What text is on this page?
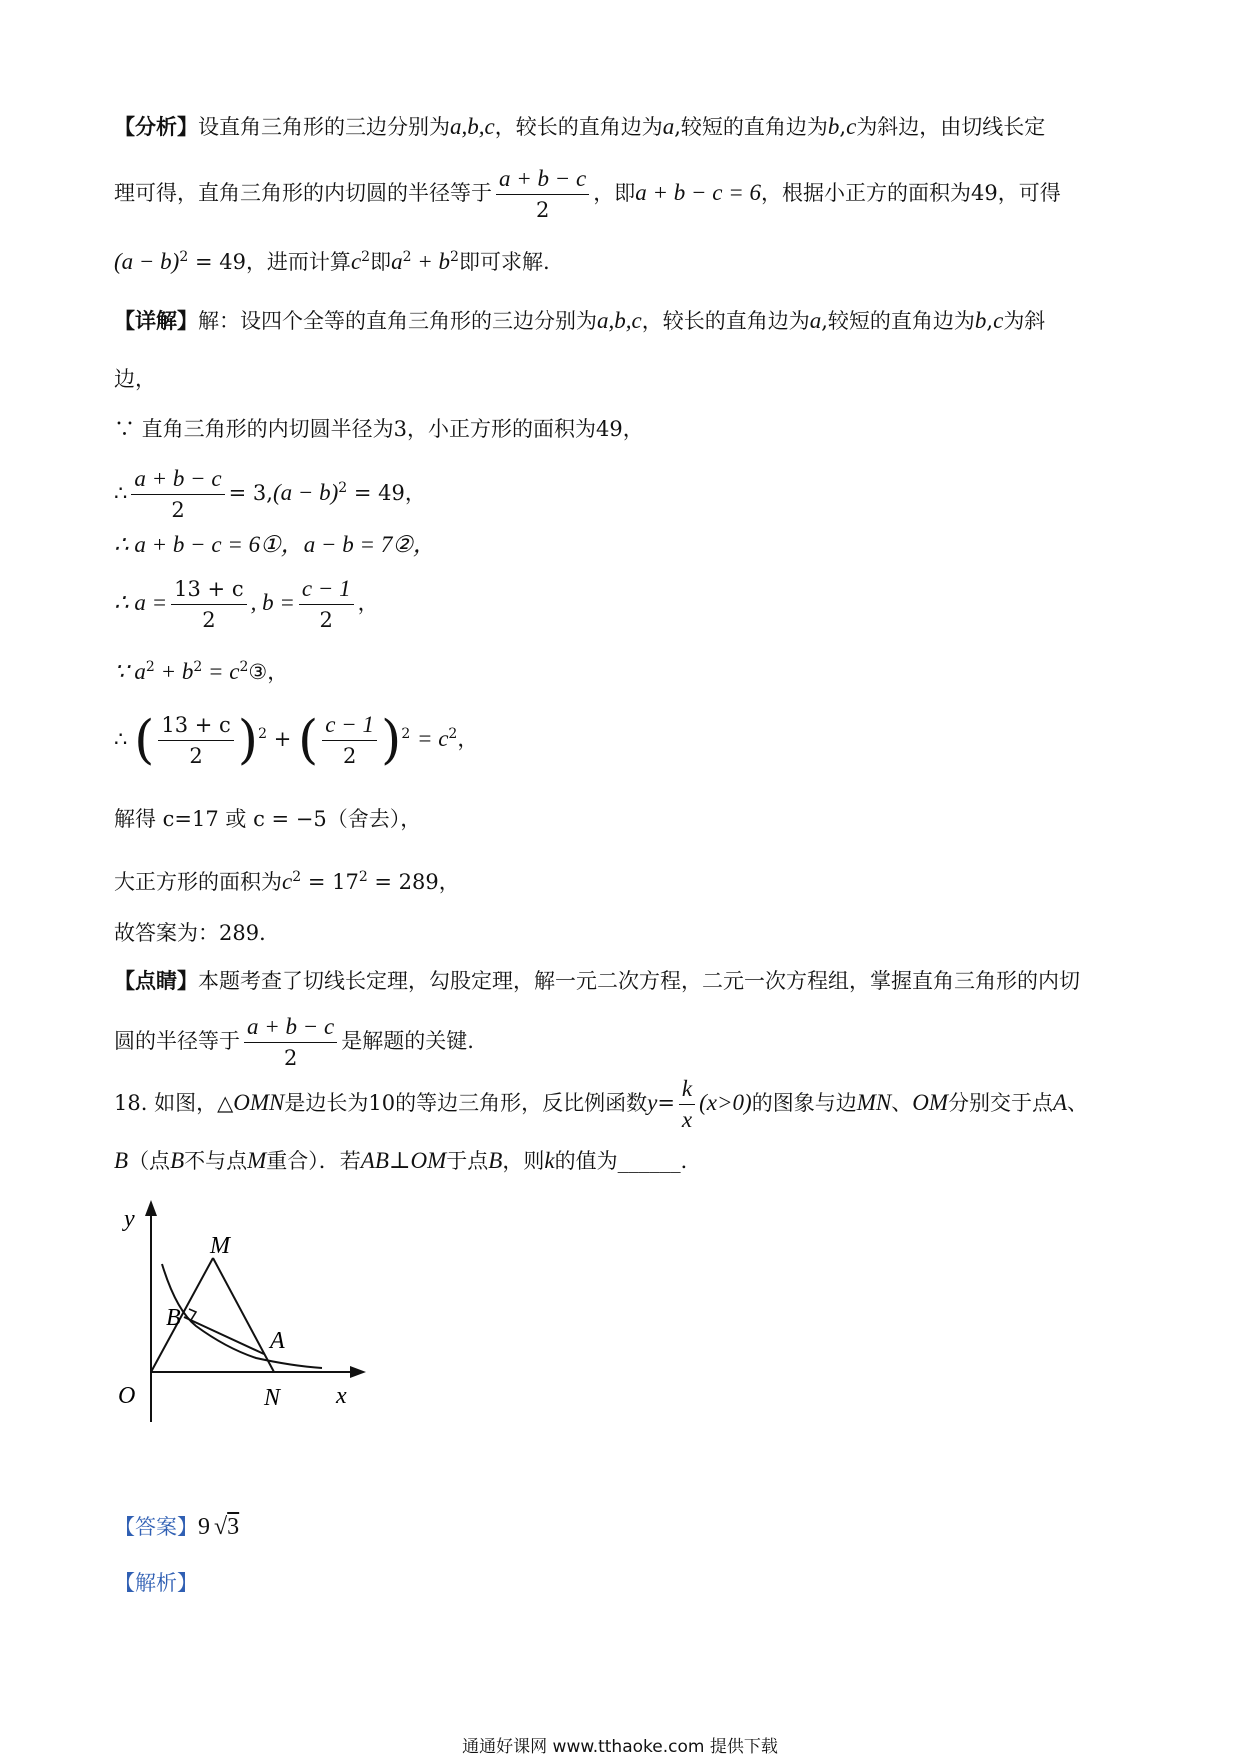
【分析】设直角三角形的三边分别为a,b,c，较长的直角边为a,较短的直角边为b,c为斜边，由切线长定
理可得，直角三角形的内切圆的半径等于 $\frac{a + b - c}{2}$ ，即a + b − c = 6，根据小正方的面积为49，可得
$(a - b)^2 = 49$，进而计算$c^2$即$a^2 + b^2$即可求解.
【详解】解：设四个全等的直角三角形的三边分别为a,b,c，较长的直角边为a,较短的直角边为b,c为斜
边，
∵ 直角三角形的内切圆半径为3，小正方形的面积为49，
∴ $\frac{a + b - c}{2} = 3,(a - b)^2 = 49$，
∴ a + b − c = 6①，a − b = 7②，
∴ $a = \frac{13 + c}{2}$ , $b = \frac{c - 1}{2}$ ，
∵ $a^2 + b^2$ = $c^2③$，
∴ ( $\frac{13 + c}{2} )^2$ + ( $\frac{c - 1}{2} )^2 = c^2$，
解得 c=17 或 c = −5（舍去），
大正方形的面积为$c^2 = 17^2 = 289$，
故答案为：289．
【点睛】本题考查了切线长定理，勾股定理，解一元二次方程，二元一次方程组，掌握直角三角形的内切
圆的半径等于 $\frac{a + b - c}{2}$ 是解题的关键.
18. 如图，△OMN是边长为10的等边三角形，反比例函数$y= \frac{k}{x} (x>0)$的图象与边MN、OM分别交于点A、
B（点B不与点M重合）．若AB⊥OM于点B，则k的值为______．
y
x
O
M
N
A
B
【答案】9 √3
【解析】
通通好课网 www.tthaoke.com 提供下载
